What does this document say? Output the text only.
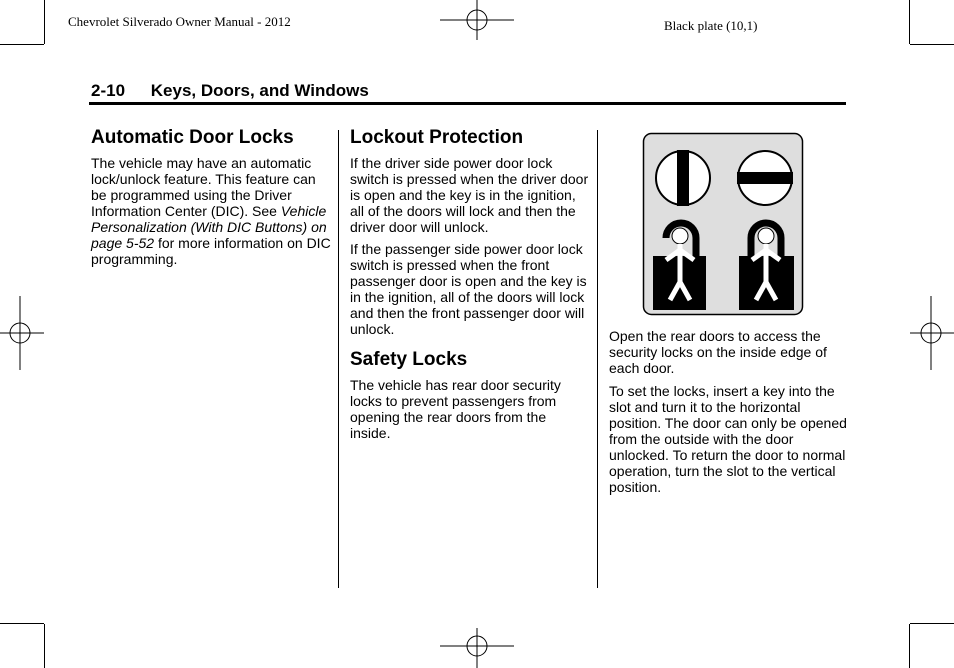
Chevrolet Silverado Owner Manual - 2012	Black plate (10,1)
2-10 Keys, Doors, and Windows
Automatic Door Locks

The vehicle may have an automatic lock/unlock feature. This feature can be programmed using the Driver Information Center (DIC). See Vehicle Personalization (With DIC Buttons) on page 5-52 for more information on DIC programming.

Lockout Protection

If the driver side power door lock switch is pressed when the driver door is open and the key is in the ignition, all of the doors will lock and then the driver door will unlock.

If the passenger side power door lock switch is pressed when the front passenger door is open and the key is in the ignition, all of the doors will lock and then the front passenger door will unlock.

Safety Locks

The vehicle has rear door security locks to prevent passengers from opening the rear doors from the inside.

Open the rear doors to access the security locks on the inside edge of each door.

To set the locks, insert a key into the slot and turn it to the horizontal position. The door can only be opened from the outside with the door unlocked. To return the door to normal operation, turn the slot to the vertical position.
